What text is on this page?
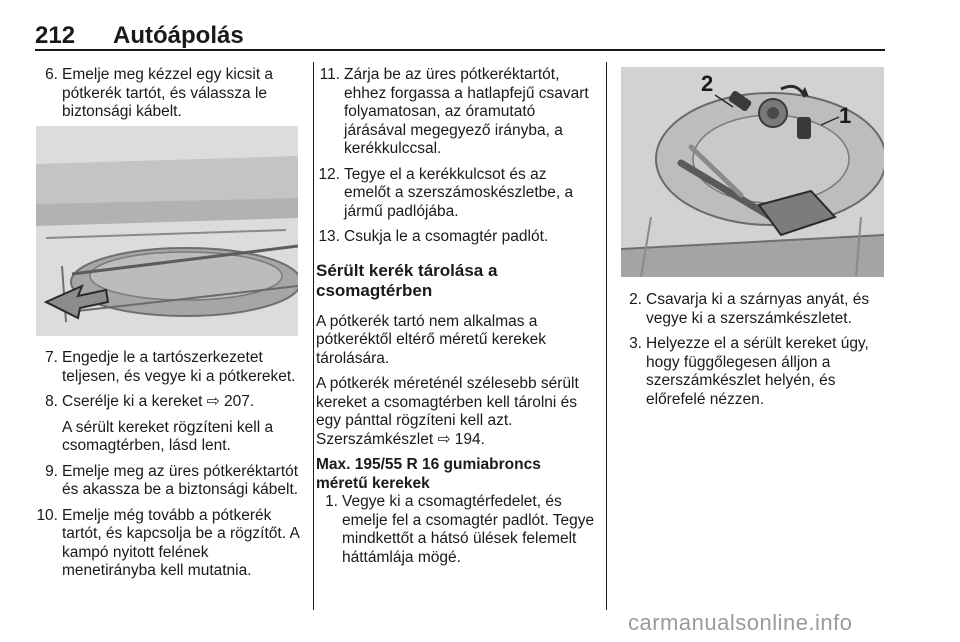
212 Autóápolás
6. Emelje meg kézzel egy kicsit a pótkerék tartót, és válassza le biztonsági kábelt.
7. Engedje le a tartószerkezetet teljesen, és vegye ki a pótkereket.
8. Cserélje ki a kereket ⇨ 207.
A sérült kereket rögzíteni kell a csomagtérben, lásd lent.
9. Emelje meg az üres pótkeréktartót és akassza be a biztonsági kábelt.
10. Emelje még tovább a pótkerék tartót, és kapcsolja be a rögzítőt. A kampó nyitott felének menetirányba kell mutatnia.
11. Zárja be az üres pótkeréktartót, ehhez forgassa a hatlapfejű csavart folyamatosan, az óramutató járásával megegyező irányba, a kerékkulccsal.
12. Tegye el a kerékkulcsot és az emelőt a szerszámoskészletbe, a jármű padlójába.
13. Csukja le a csomagtér padlót.
Sérült kerék tárolása a csomagtérben
A pótkerék tartó nem alkalmas a pótkeréktől eltérő méretű kerekek tárolására.
A pótkerék méreténél szélesebb sérült kereket a csomagtérben kell tárolni és egy pánttal rögzíteni kell azt. Szerszámkészlet ⇨ 194.
Max. 195/55 R 16 gumiabroncs méretű kerekek
1. Vegye ki a csomagtérfedelet, és emelje fel a csomagtér padlót. Tegye mindkettőt a hátsó ülések felemelt háttámlája mögé.
2
1
2. Csavarja ki a szárnyas anyát, és vegye ki a szerszámkészletet.
3. Helyezze el a sérült kereket úgy, hogy függőlegesen álljon a szerszámkészlet helyén, és előrefelé nézzen.
carmanualsonline.info
